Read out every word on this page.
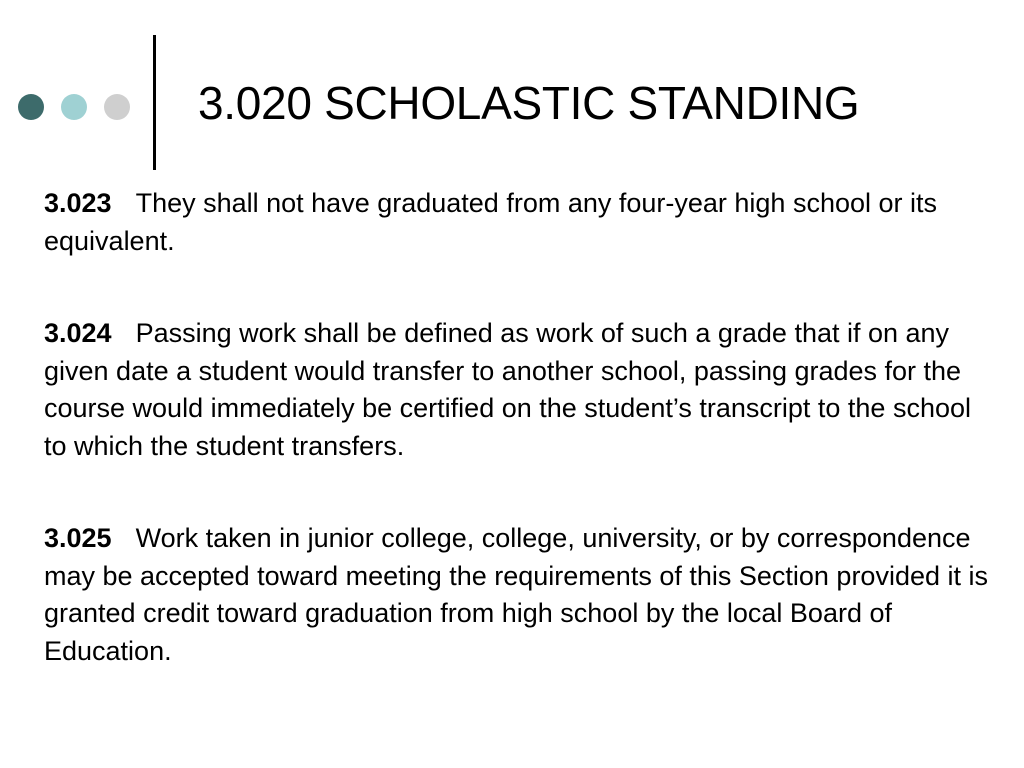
3.020 SCHOLASTIC STANDING

3.023 They shall not have graduated from any four-year high school or its equivalent.

3.024 Passing work shall be defined as work of such a grade that if on any given date a student would transfer to another school, passing grades for the course would immediately be certified on the student’s transcript to the school to which the student transfers.

3.025 Work taken in junior college, college, university, or by correspondence may be accepted toward meeting the requirements of this Section provided it is granted credit toward graduation from high school by the local Board of Education.
